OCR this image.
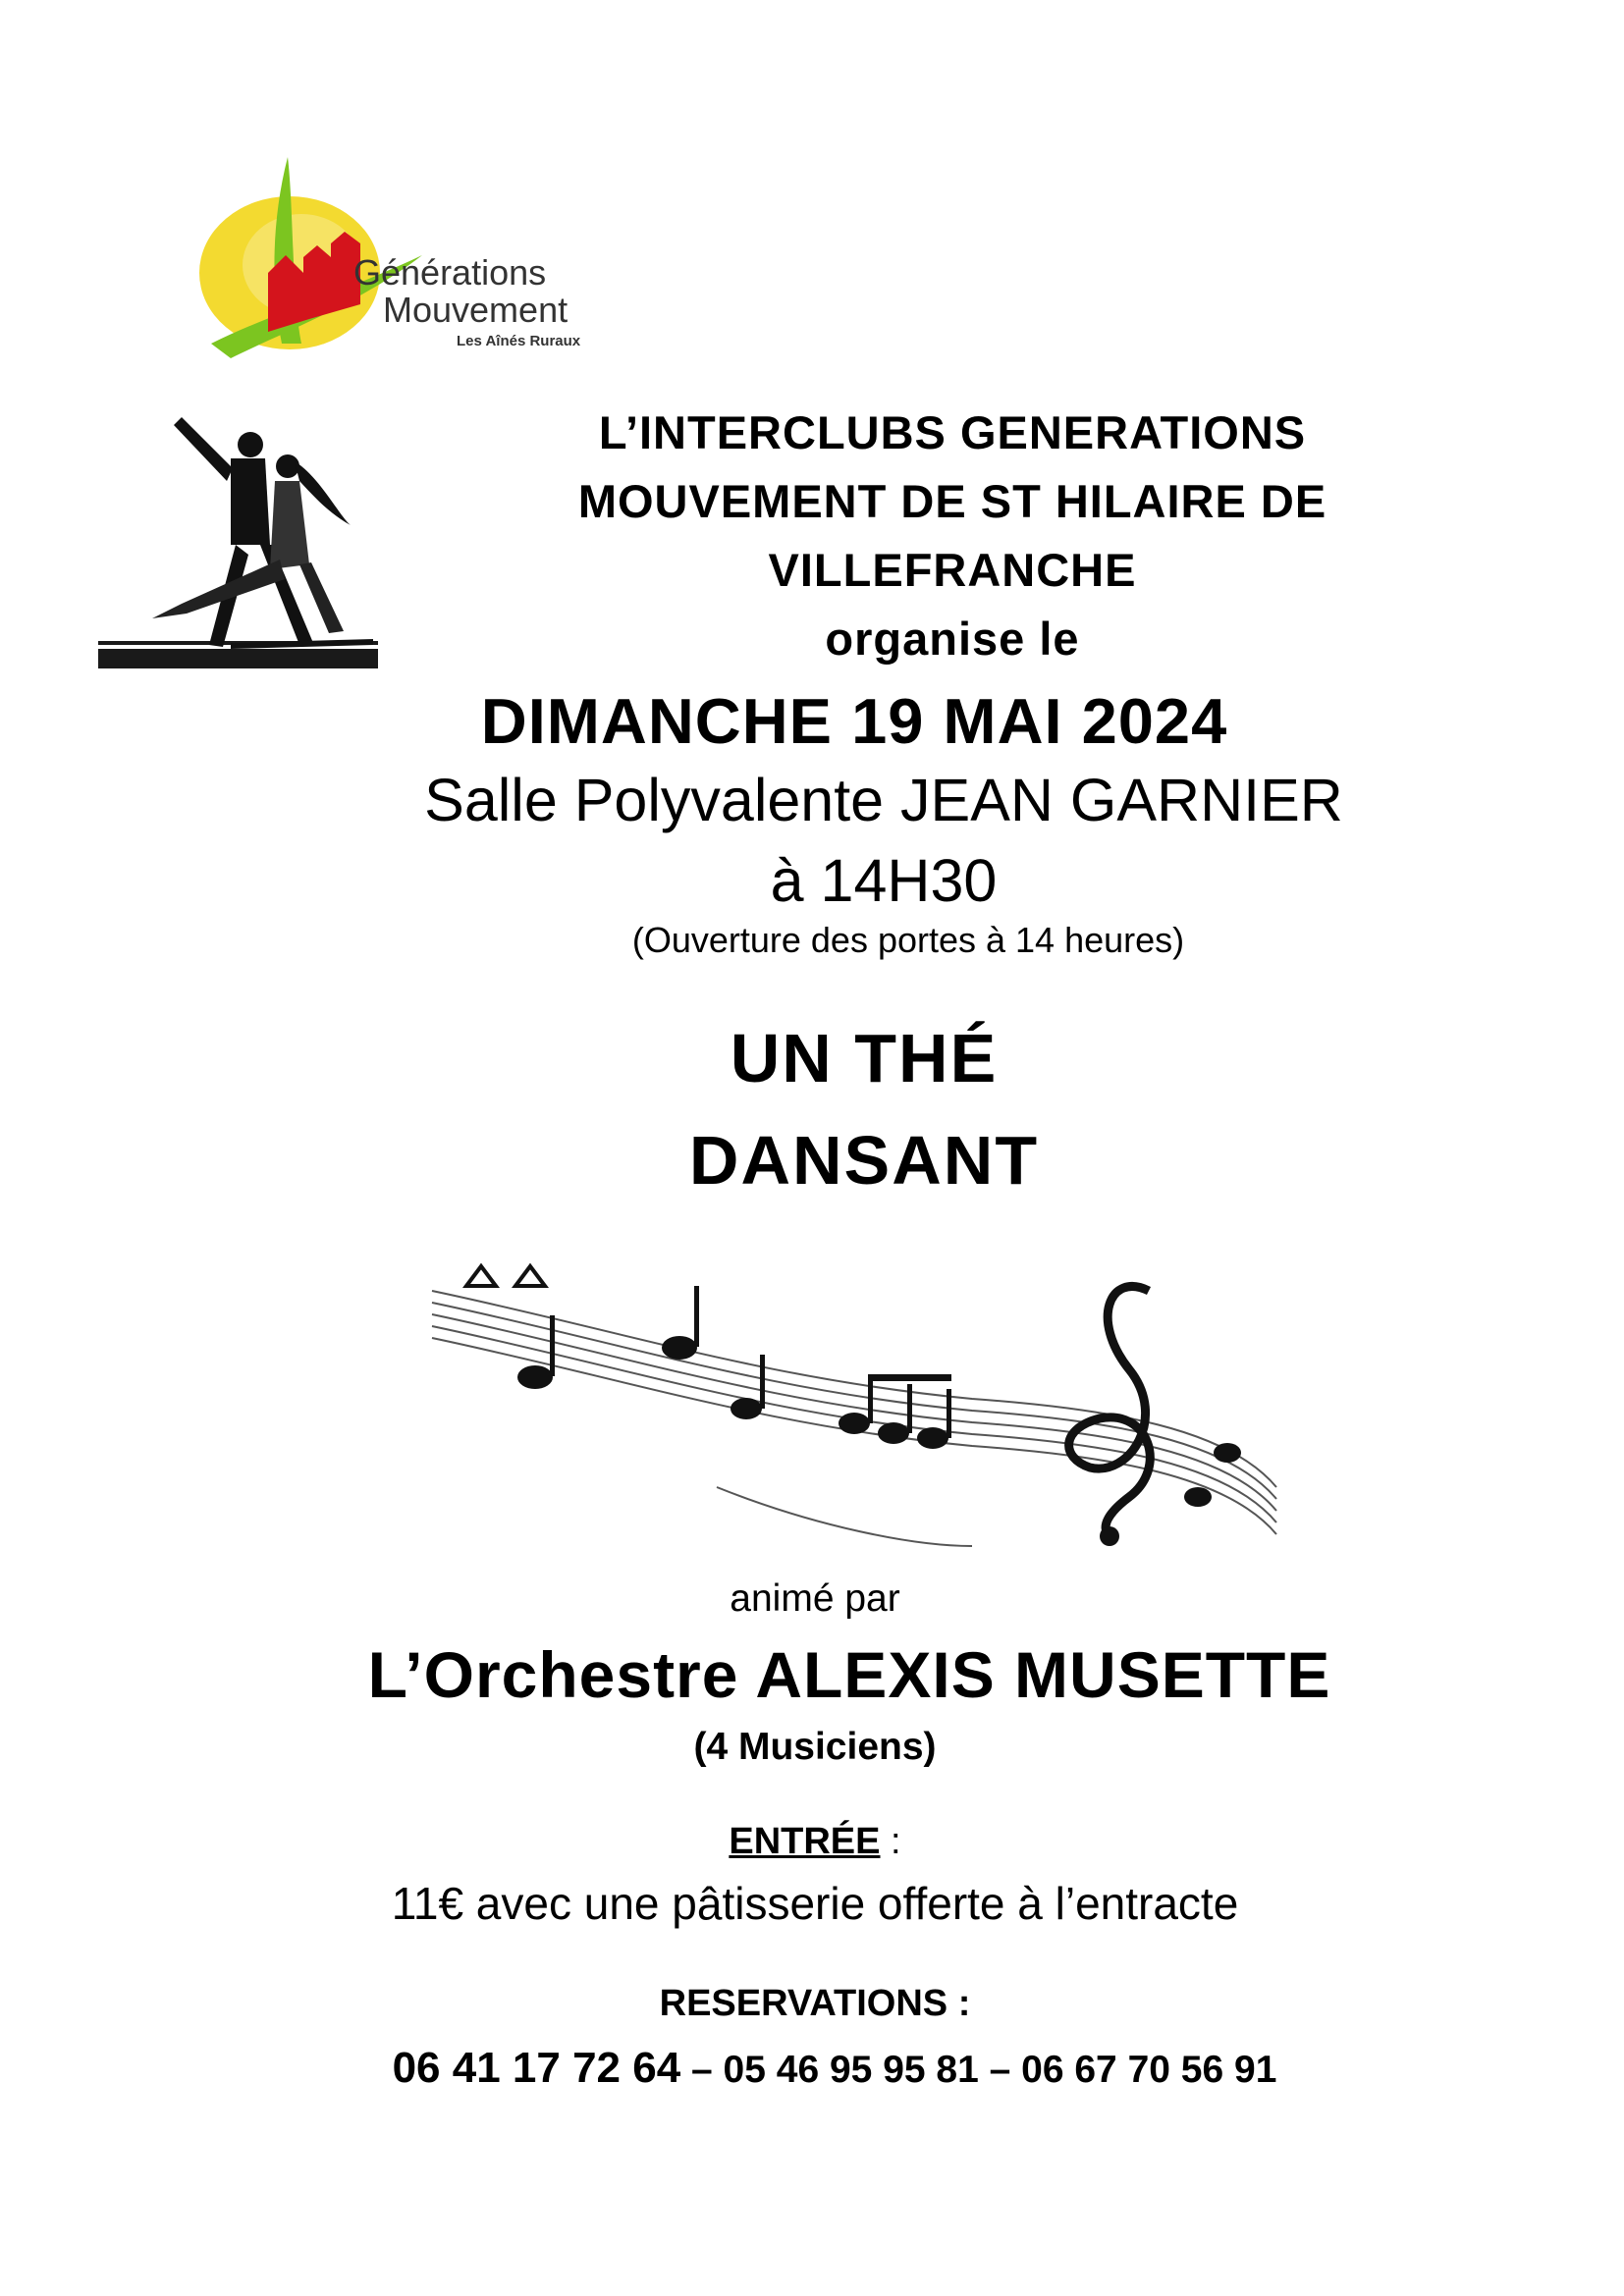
Générations
Mouvement
Les Aînés Ruraux
L’INTERCLUBS GENERATIONS
MOUVEMENT DE ST HILAIRE DE
VILLEFRANCHE
organise le
DIMANCHE 19 MAI 2024
Salle Polyvalente JEAN GARNIER
à 14H30
(Ouverture des portes à 14 heures)
UN THÉ
DANSANT
animé par
L’Orchestre ALEXIS MUSETTE
(4 Musiciens)
ENTRÉE :
11€ avec une pâtisserie offerte à l’entracte
RESERVATIONS :
06 41 17 72 64 – 05 46 95 95 81 – 06 67 70 56 91
